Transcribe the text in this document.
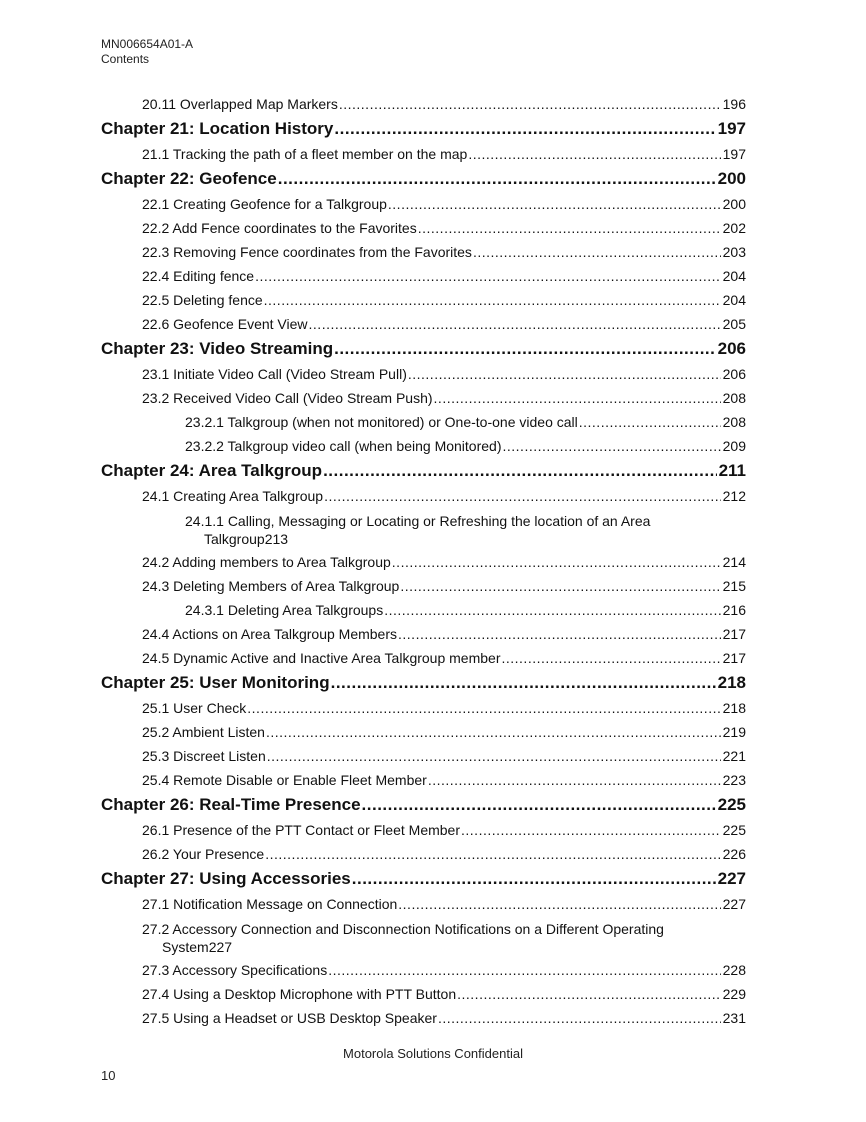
MN006654A01-A
Contents
20.11 Overlapped Map Markers .....	196
Chapter 21: Location History .....	197
21.1 Tracking the path of a fleet member on the map .....	197
Chapter 22: Geofence .....	200
22.1 Creating Geofence for a Talkgroup .....	200
22.2 Add Fence coordinates to the Favorites .....	202
22.3 Removing Fence coordinates from the Favorites .....	203
22.4 Editing fence .....	204
22.5 Deleting fence .....	204
22.6 Geofence Event View .....	205
Chapter 23: Video Streaming .....	206
23.1 Initiate Video Call (Video Stream Pull) .....	206
23.2 Received Video Call (Video Stream Push) .....	208
23.2.1 Talkgroup (when not monitored) or One-to-one video call .....	208
23.2.2 Talkgroup video call (when being Monitored) .....	209
Chapter 24: Area Talkgroup .....	211
24.1 Creating Area Talkgroup .....	212
24.1.1 Calling, Messaging or Locating or Refreshing the location of an Area
Talkgroup 213
24.2 Adding members to Area Talkgroup .....	214
24.3 Deleting Members of Area Talkgroup .....	215
24.3.1 Deleting Area Talkgroups .....	216
24.4 Actions on Area Talkgroup Members .....	217
24.5 Dynamic Active and Inactive Area Talkgroup member .....	217
Chapter 25: User Monitoring .....	218
25.1 User Check .....	218
25.2 Ambient Listen .....	219
25.3 Discreet Listen .....	221
25.4 Remote Disable or Enable Fleet Member .....	223
Chapter 26: Real-Time Presence .....	225
26.1 Presence of the PTT Contact or Fleet Member .....	225
26.2 Your Presence .....	226
Chapter 27: Using Accessories .....	227
27.1 Notification Message on Connection .....	227
27.2 Accessory Connection and Disconnection Notifications on a Different Operating
System 227
27.3 Accessory Specifications .....	228
27.4 Using a Desktop Microphone with PTT Button .....	229
27.5 Using a Headset or USB Desktop Speaker .....	231
Motorola Solutions Confidential
10
